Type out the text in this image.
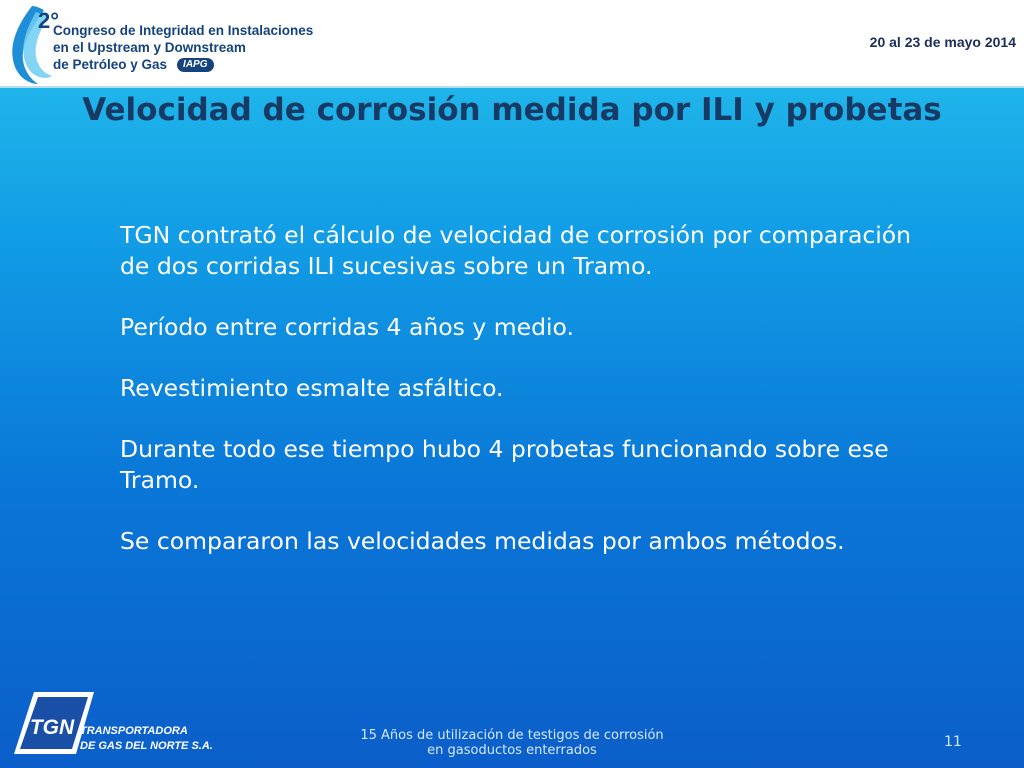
2°
Congreso de Integridad en Instalaciones
en el Upstream y Downstream
de Petróleo y Gas IAPG
20 al 23 de mayo 2014
Velocidad de corrosión medida por ILI y probetas

TGN contrató el cálculo de velocidad de corrosión por comparación de dos corridas ILI sucesivas sobre un Tramo.

Período entre corridas 4 años y medio.

Revestimiento esmalte asfáltico.

Durante todo ese tiempo hubo 4 probetas funcionando sobre ese Tramo.

Se compararon las velocidades medidas por ambos métodos.

TGN TRANSPORTADORA
DE GAS DEL NORTE S.A.
15 Años de utilización de testigos de corrosión
en gasoductos enterrados
11
